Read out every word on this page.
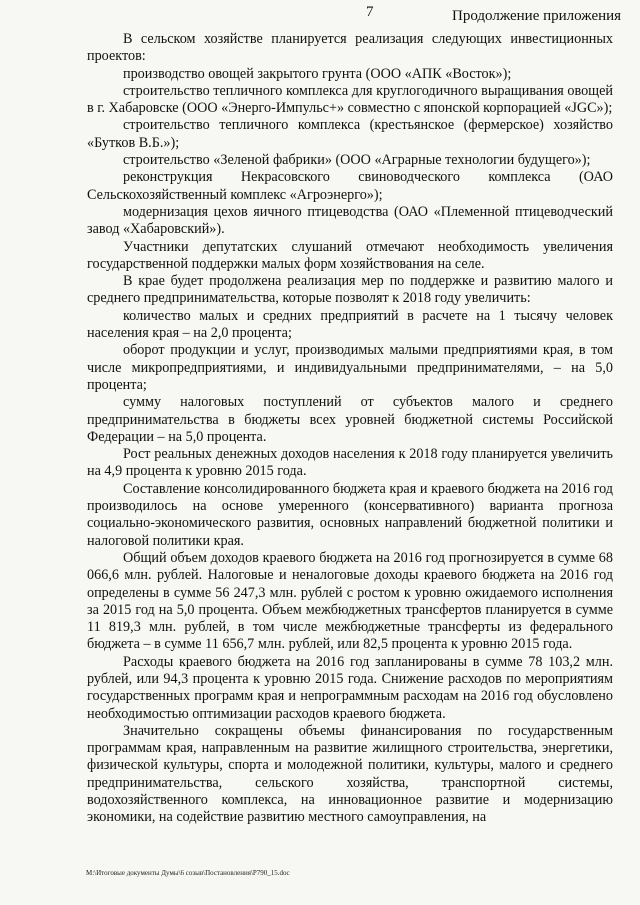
7	Продолжение приложения

В сельском хозяйстве планируется реализация следующих инвестиционных проектов:

производство овощей закрытого грунта (ООО «АПК «Восток»);

строительство тепличного комплекса для круглогодичного выращивания овощей в г. Хабаровске (ООО «Энерго-Импульс+» совместно с японской корпорацией «JGC»);

строительство тепличного комплекса (крестьянское (фермерское) хозяйство «Бутков В.Б.»);

строительство «Зеленой фабрики» (ООО «Аграрные технологии будущего»);

реконструкция Некрасовского свиноводческого комплекса (ОАО Сельскохозяйственный комплекс «Агроэнерго»);

модернизация цехов яичного птицеводства (ОАО «Племенной птицеводческий завод «Хабаровский»).

Участники депутатских слушаний отмечают необходимость увеличения государственной поддержки малых форм хозяйствования на селе.

В крае будет продолжена реализация мер по поддержке и развитию малого и среднего предпринимательства, которые позволят к 2018 году увеличить:

количество малых и средних предприятий в расчете на 1 тысячу человек населения края – на 2,0 процента;

оборот продукции и услуг, производимых малыми предприятиями края, в том числе микропредприятиями, и индивидуальными предпринимателями, – на 5,0 процента;

сумму налоговых поступлений от субъектов малого и среднего предпринимательства в бюджеты всех уровней бюджетной системы Российской Федерации – на 5,0 процента.

Рост реальных денежных доходов населения к 2018 году планируется увеличить на 4,9 процента к уровню 2015 года.

Составление консолидированного бюджета края и краевого бюджета на 2016 год производилось на основе умеренного (консервативного) варианта прогноза социально-экономического развития, основных направлений бюджетной политики и налоговой политики края.

Общий объем доходов краевого бюджета на 2016 год прогнозируется в сумме 68 066,6 млн. рублей. Налоговые и неналоговые доходы краевого бюджета на 2016 год определены в сумме 56 247,3 млн. рублей с ростом к уровню ожидаемого исполнения за 2015 год на 5,0 процента. Объем межбюджетных трансфертов планируется в сумме 11 819,3 млн. рублей, в том числе межбюджетные трансферты из федерального бюджета – в сумме 11 656,7 млн. рублей, или 82,5 процента к уровню 2015 года.

Расходы краевого бюджета на 2016 год запланированы в сумме 78 103,2 млн. рублей, или 94,3 процента к уровню 2015 года. Снижение расходов по мероприятиям государственных программ края и непрограммным расходам на 2016 год обусловлено необходимостью оптимизации расходов краевого бюджета.

Значительно сокращены объемы финансирования по государственным программам края, направленным на развитие жилищного строительства, энергетики, физической культуры, спорта и молодежной политики, культуры, малого и среднего предпринимательства, сельского хозяйства, транспортной системы, водохозяйственного комплекса, на инновационное развитие и модернизацию экономики, на содействие развитию местного самоуправления, на

M:\Итоговые документы Думы\6 созыв\Постановления\P790_15.doc
